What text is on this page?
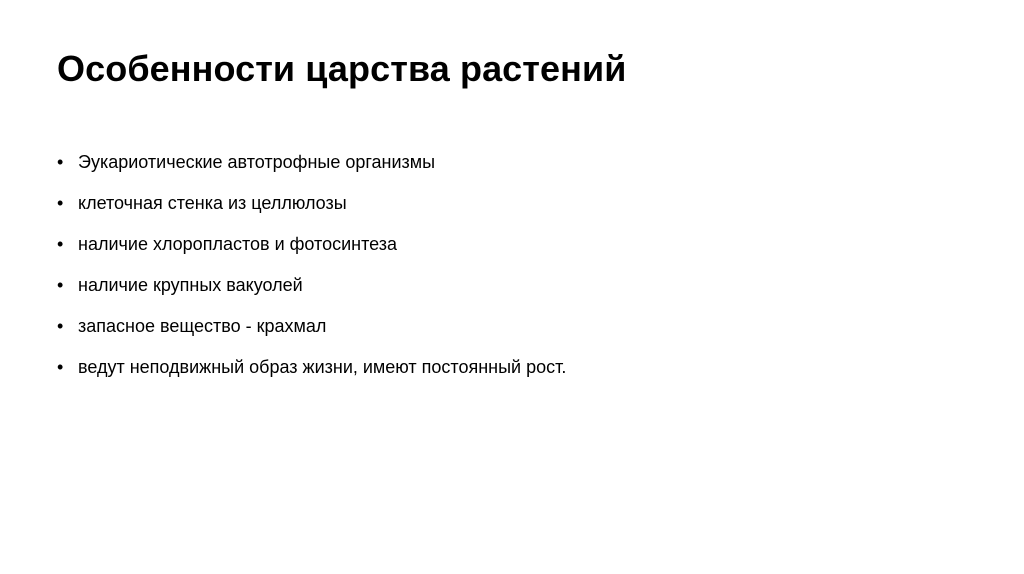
Особенности царства растений
• Эукариотические автотрофные организмы
• клеточная стенка из целлюлозы
• наличие хлоропластов и фотосинтеза
• наличие крупных вакуолей
• запасное вещество - крахмал
• ведут неподвижный образ жизни, имеют постоянный рост.
